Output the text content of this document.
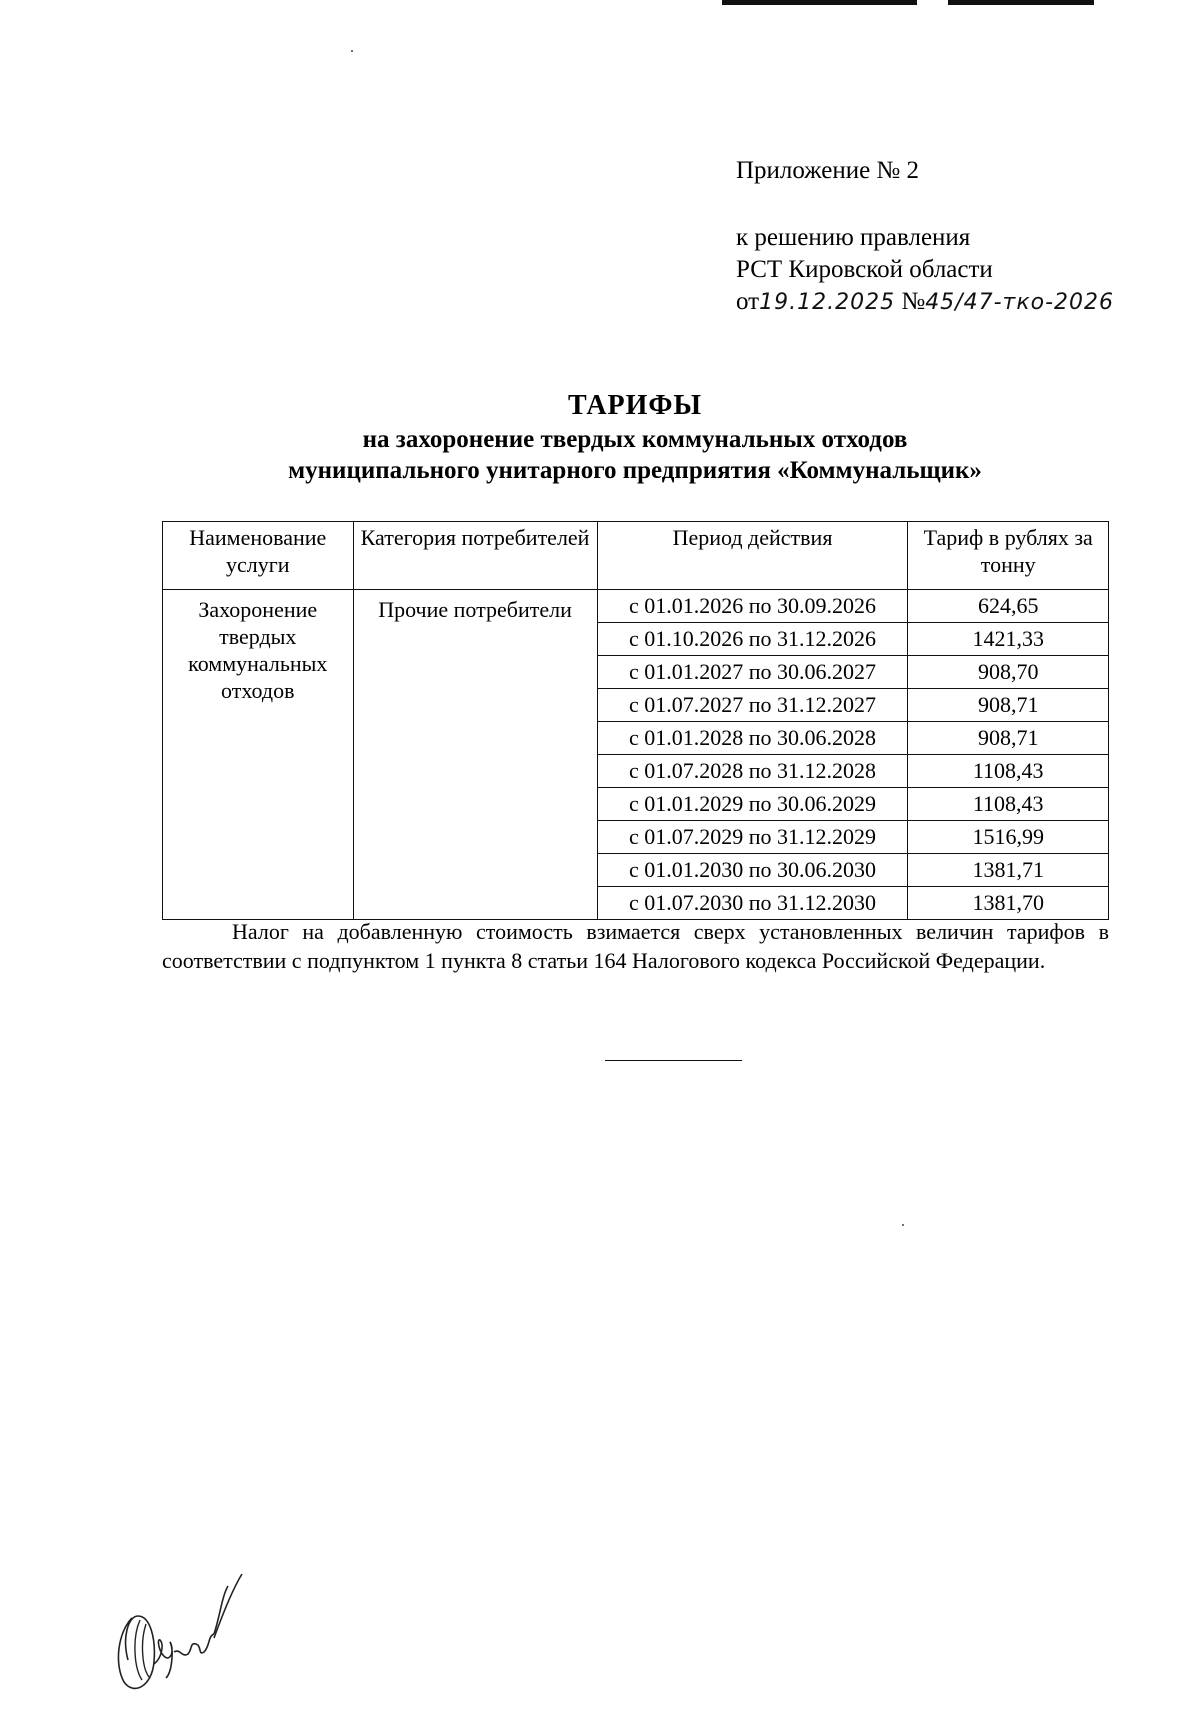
Приложение № 2
к решению правления
РСТ Кировской области
от19.12.2025 №45/47-тко-2026
ТАРИФЫ
на захоронение твердых коммунальных отходов
муниципального унитарного предприятия «Коммунальщик»
Наименование услуги	Категория потребителей	Период действия	Тариф в рублях за тонну
Захоронение твердых коммунальных отходов	Прочие потребители	с 01.01.2026 по 30.09.2026	624,65
		с 01.10.2026 по 31.12.2026	1421,33
		с 01.01.2027 по 30.06.2027	908,70
		с 01.07.2027 по 31.12.2027	908,71
		с 01.01.2028 по 30.06.2028	908,71
		с 01.07.2028 по 31.12.2028	1108,43
		с 01.01.2029 по 30.06.2029	1108,43
		с 01.07.2029 по 31.12.2029	1516,99
		с 01.01.2030 по 30.06.2030	1381,71
		с 01.07.2030 по 31.12.2030	1381,70

Налог на добавленную стоимость взимается сверх установленных величин тарифов в соответствии с подпунктом 1 пункта 8 статьи 164 Налогового кодекса Российской Федерации.
